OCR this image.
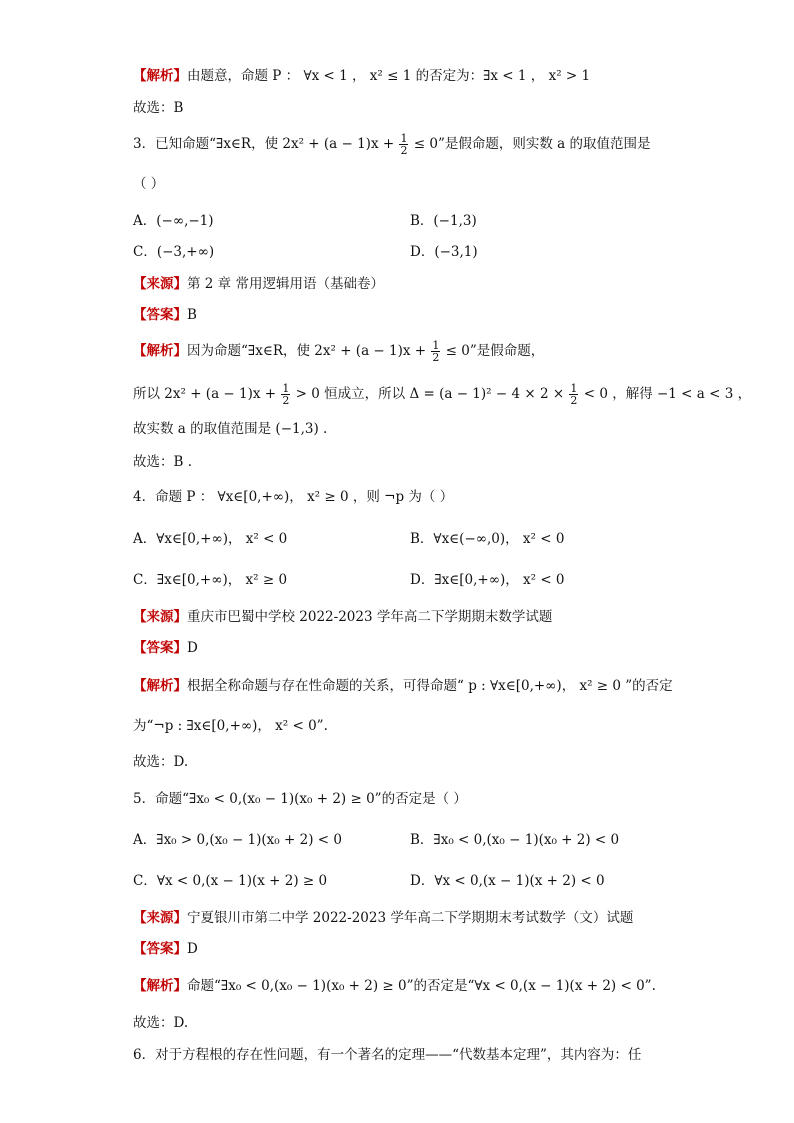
【解析】由题意，命题 P ： ∀x < 1 ， x² ≤ 1 的否定为：∃x < 1 ， x² > 1
故选：B
3．已知命题“∃x∈R，使 $2x^2 + (a - 1)x + \frac{1}{2} \le 0$”是假命题，则实数 a 的取值范围是
（ ）
A．(−∞,−1)	B．(−1,3)
C．(−3,+∞)	D．(−3,1)
【来源】第 2 章 常用逻辑用语（基础卷）
【答案】B
【解析】因为命题“∃x∈R，使 $2x^2 + (a - 1)x + \frac{1}{2} \le 0$”是假命题，
所以 $2x^2 + (a - 1)x + \frac{1}{2} > 0$ 恒成立，所以 $\Delta = (a - 1)^2 - 4 \times 2 \times \frac{1}{2} < 0$ ，解得 −1 < a < 3 ，
故实数 a 的取值范围是 (−1,3) .
故选：B .
4．命题 P ： ∀x∈[0,+∞)， x² ≥ 0 ，则 ¬p 为（ ）
A．∀x∈[0,+∞)， x² < 0	B．∀x∈(−∞,0)， x² < 0
C．∃x∈[0,+∞)， x² ≥ 0	D．∃x∈[0,+∞)， x² < 0
【来源】重庆市巴蜀中学校 2022-2023 学年高二下学期期末数学试题
【答案】D
【解析】根据全称命题与存在性命题的关系，可得命题“ p : ∀x∈[0,+∞)， x² ≥ 0 ”的否定
为“¬p : ∃x∈[0,+∞)， x² < 0”.
故选：D.
5．命题“∃x₀ < 0,(x₀ − 1)(x₀ + 2) ≥ 0”的否定是（ ）
A．∃x₀ > 0,(x₀ − 1)(x₀ + 2) < 0	B．∃x₀ < 0,(x₀ − 1)(x₀ + 2) < 0
C．∀x < 0,(x − 1)(x + 2) ≥ 0	D．∀x < 0,(x − 1)(x + 2) < 0
【来源】宁夏银川市第二中学 2022-2023 学年高二下学期期末考试数学（文）试题
【答案】D
【解析】命题“∃x₀ < 0,(x₀ − 1)(x₀ + 2) ≥ 0”的否定是“∀x < 0,(x − 1)(x + 2) < 0”.
故选：D.
6．对于方程根的存在性问题，有一个著名的定理——“代数基本定理”，其内容为：任
